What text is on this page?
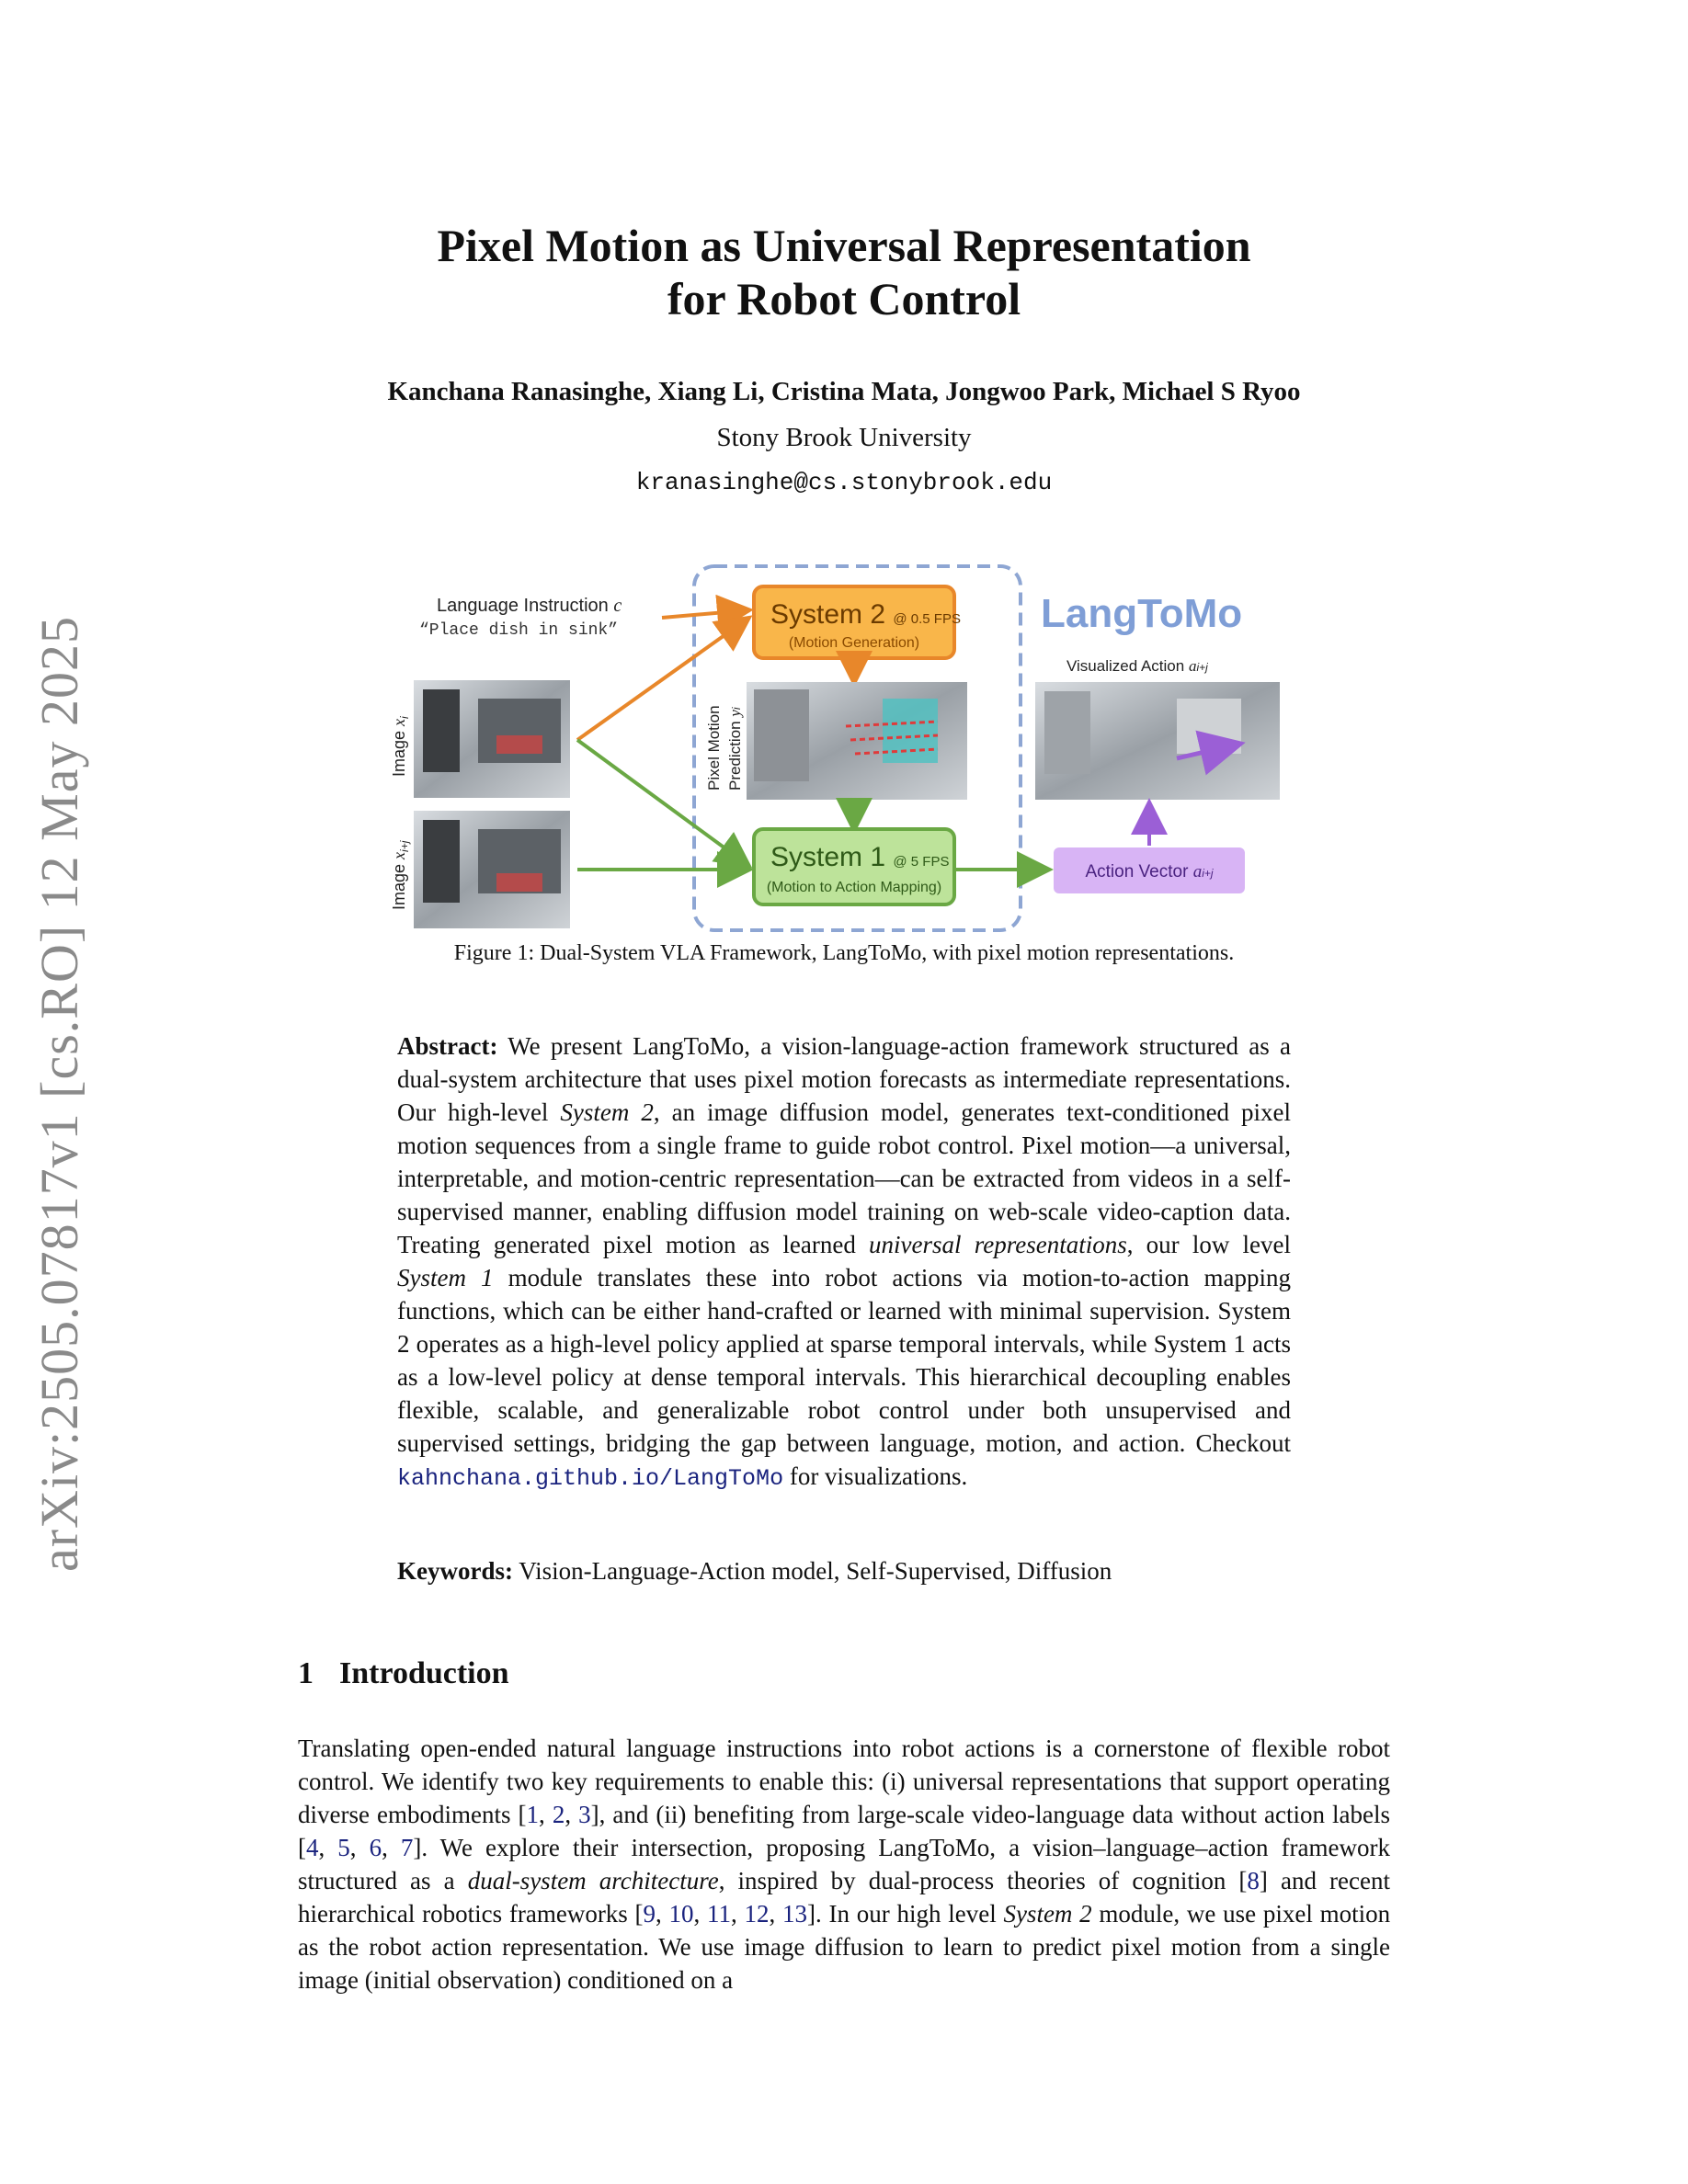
arXiv:2505.07817v1 [cs.RO] 12 May 2025
Pixel Motion as Universal Representation
for Robot Control
Kanchana Ranasinghe, Xiang Li, Cristina Mata, Jongwoo Park, Michael S Ryoo
Stony Brook University
kranasinghe@cs.stonybrook.edu
Language Instruction c
“Place dish in sink”
Image $x_i$
Image $x_{i+j}$
System 2 @ 0.5 FPS
(Motion Generation)
Pixel Motion Prediction yi
System 1 @ 5 FPS
(Motion to Action Mapping)
LangToMo
Visualized Action ai+j
Action Vector ai+j
Figure 1: Dual-System VLA Framework, LangToMo, with pixel motion representations.
Abstract: We present LangToMo, a vision-language-action framework structured as a dual-system architecture that uses pixel motion forecasts as intermediate representations. Our high-level System 2, an image diffusion model, generates text-conditioned pixel motion sequences from a single frame to guide robot control. Pixel motion—a universal, interpretable, and motion-centric representation—can be extracted from videos in a self-supervised manner, enabling diffusion model training on web-scale video-caption data. Treating generated pixel motion as learned universal representations, our low level System 1 module translates these into robot actions via motion-to-action mapping functions, which can be either hand-crafted or learned with minimal supervision. System 2 operates as a high-level policy applied at sparse temporal intervals, while System 1 acts as a low-level policy at dense temporal intervals. This hierarchical decoupling enables flexible, scalable, and generalizable robot control under both unsupervised and supervised settings, bridging the gap between language, motion, and action. Checkout kahnchana.github.io/LangToMo for visualizations.
Keywords: Vision-Language-Action model, Self-Supervised, Diffusion
1 Introduction
Translating open-ended natural language instructions into robot actions is a cornerstone of flexible robot control. We identify two key requirements to enable this: (i) universal representations that support operating diverse embodiments [1, 2, 3], and (ii) benefiting from large-scale video-language data without action labels [4, 5, 6, 7]. We explore their intersection, proposing LangToMo, a vision–language–action framework structured as a dual-system architecture, inspired by dual-process theories of cognition [8] and recent hierarchical robotics frameworks [9, 10, 11, 12, 13]. In our high level System 2 module, we use pixel motion as the robot action representation. We use image diffusion to learn to predict pixel motion from a single image (initial observation) conditioned on a
